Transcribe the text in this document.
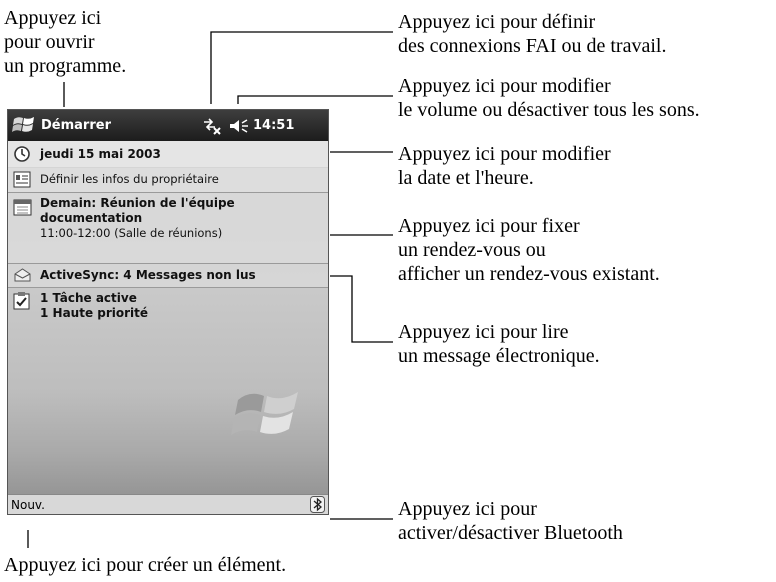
Appuyez ici
pour ouvrir
un programme.
Appuyez ici pour définir
des connexions FAI ou de travail.
Appuyez ici pour modifier
le volume ou désactiver tous les sons.
Appuyez ici pour modifier
la date et l'heure.
Appuyez ici pour fixer
un rendez-vous ou
afficher un rendez-vous existant.
Appuyez ici pour lire
un message électronique.
Appuyez ici pour
activer/désactiver Bluetooth
Appuyez ici pour créer un élément.
Démarrer	14:51
jeudi 15 mai 2003
Définir les infos du propriétaire
Demain: Réunion de l'équipe
documentation
11:00-12:00 (Salle de réunions)
ActiveSync: 4 Messages non lus
1 Tâche active
1 Haute priorité
Nouv.
